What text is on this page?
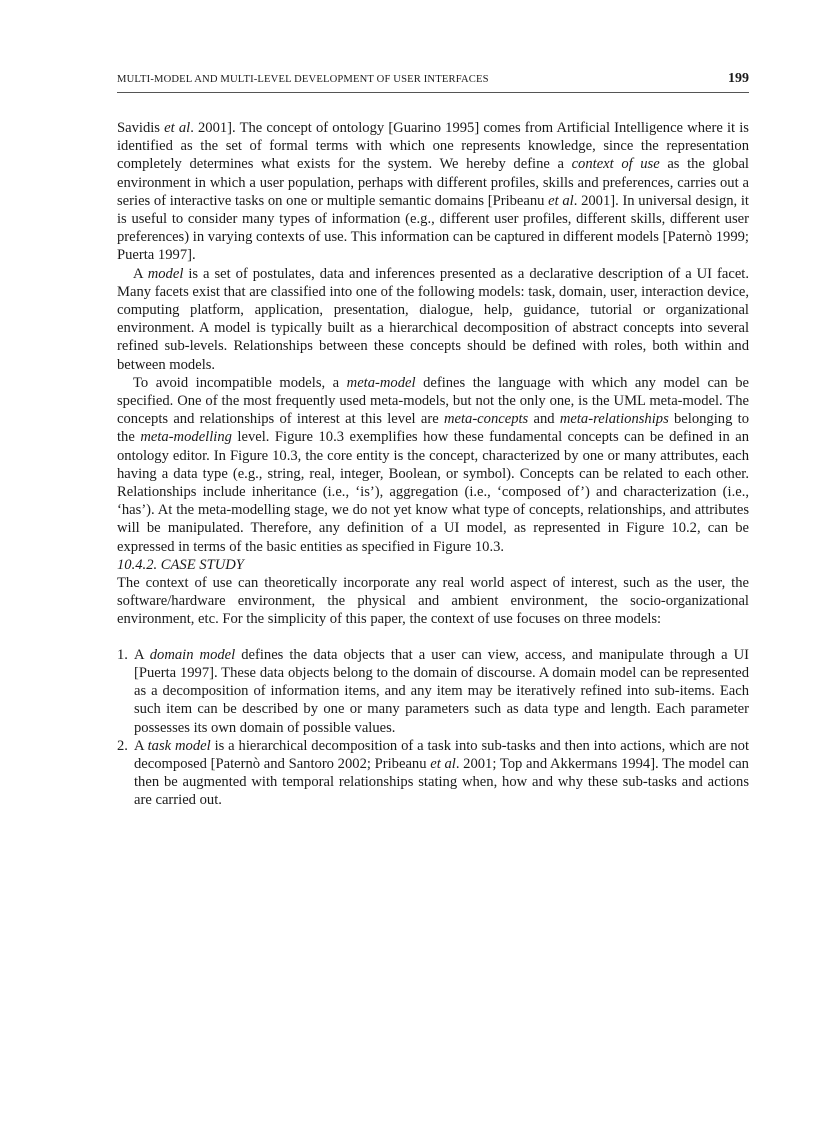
MULTI-MODEL AND MULTI-LEVEL DEVELOPMENT OF USER INTERFACES	199

Savidis et al. 2001]. The concept of ontology [Guarino 1995] comes from Artificial Intelligence where it is identified as the set of formal terms with which one represents knowledge, since the representation completely determines what exists for the system. We hereby define a context of use as the global environment in which a user population, perhaps with different profiles, skills and preferences, carries out a series of interactive tasks on one or multiple semantic domains [Pribeanu et al. 2001]. In universal design, it is useful to consider many types of information (e.g., different user profiles, different skills, different user preferences) in varying contexts of use. This information can be captured in different models [Paternò 1999; Puerta 1997].

A model is a set of postulates, data and inferences presented as a declarative description of a UI facet. Many facets exist that are classified into one of the following models: task, domain, user, interaction device, computing platform, application, presentation, dialogue, help, guidance, tutorial or organizational environment. A model is typically built as a hierarchical decomposition of abstract concepts into several refined sub-levels. Relationships between these concepts should be defined with roles, both within and between models.

To avoid incompatible models, a meta-model defines the language with which any model can be specified. One of the most frequently used meta-models, but not the only one, is the UML meta-model. The concepts and relationships of interest at this level are meta-concepts and meta-relationships belonging to the meta-modelling level. Figure 10.3 exemplifies how these fundamental concepts can be defined in an ontology editor. In Figure 10.3, the core entity is the concept, characterized by one or many attributes, each having a data type (e.g., string, real, integer, Boolean, or symbol). Concepts can be related to each other. Relationships include inheritance (i.e., ‘is’), aggregation (i.e., ‘composed of’) and characterization (i.e., ‘has’). At the meta-modelling stage, we do not yet know what type of concepts, relationships, and attributes will be manipulated. Therefore, any definition of a UI model, as represented in Figure 10.2, can be expressed in terms of the basic entities as specified in Figure 10.3.

10.4.2. CASE STUDY

The context of use can theoretically incorporate any real world aspect of interest, such as the user, the software/hardware environment, the physical and ambient environment, the socio-organizational environment, etc. For the simplicity of this paper, the context of use focuses on three models:

1. A domain model defines the data objects that a user can view, access, and manipulate through a UI [Puerta 1997]. These data objects belong to the domain of discourse. A domain model can be represented as a decomposition of information items, and any item may be iteratively refined into sub-items. Each such item can be described by one or many parameters such as data type and length. Each parameter possesses its own domain of possible values.
2. A task model is a hierarchical decomposition of a task into sub-tasks and then into actions, which are not decomposed [Paternò and Santoro 2002; Pribeanu et al. 2001; Top and Akkermans 1994]. The model can then be augmented with temporal relationships stating when, how and why these sub-tasks and actions are carried out.
